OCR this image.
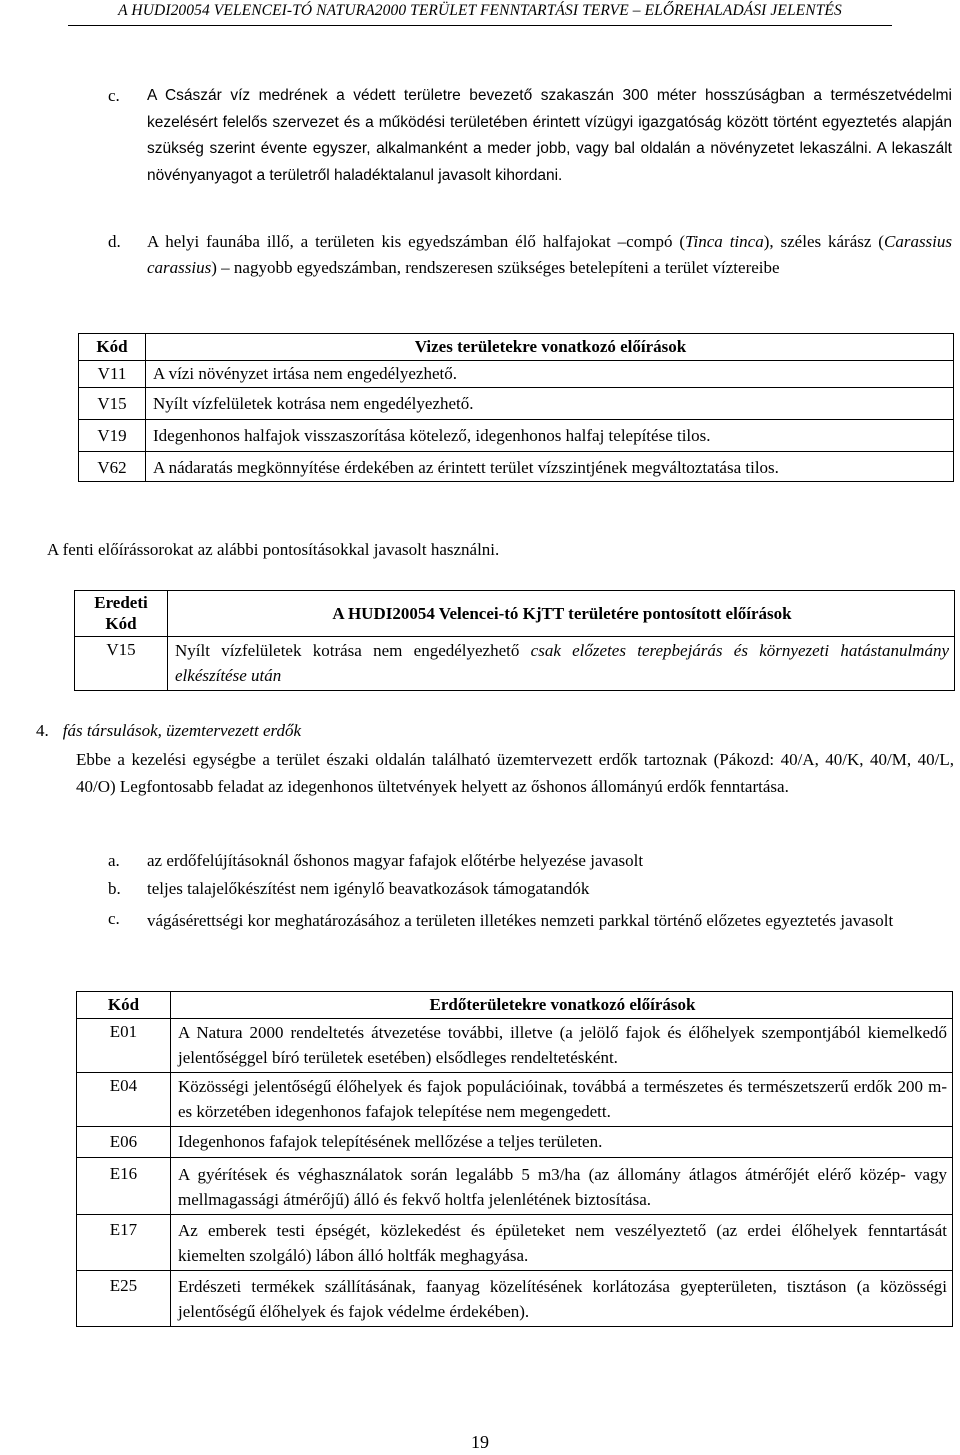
A HUDI20054 VELENCEI-TÓ NATURA2000 TERÜLET FENNTARTÁSI TERVE – ELŐREHALADÁSI JELENTÉS
c. A Császár víz medrének a védett területre bevezető szakaszán 300 méter hosszúságban a természetvédelmi kezelésért felelős szervezet és a működési területében érintett vízügyi igazgatóság között történt egyeztetés alapján szükség szerint évente egyszer, alkalmanként a meder jobb, vagy bal oldalán a növényzetet lekaszálni. A lekaszált növényanyagot a területről haladéktalanul javasolt kihordani.
d. A helyi faunába illő, a területen kis egyedszámban élő halfajokat –compó (Tinca tinca), széles kárász (Carassius carassius) – nagyobb egyedszámban, rendszeresen szükséges betelepíteni a terület víztereibe
Kód	Vizes területekre vonatkozó előírások
V11	A vízi növényzet irtása nem engedélyezhető.
V15	Nyílt vízfelületek kotrása nem engedélyezhető.
V19	Idegenhonos halfajok visszaszorítása kötelező, idegenhonos halfaj telepítése tilos.
V62	A nádaratás megkönnyítése érdekében az érintett terület vízszintjének megváltoztatása tilos.
A fenti előírássorokat az alábbi pontosításokkal javasolt használni.
Eredeti Kód	A HUDI20054 Velencei-tó KjTT területére pontosított előírások
V15	Nyílt vízfelületek kotrása nem engedélyezhető csak előzetes terepbejárás és környezeti hatástanulmány elkészítése után
4. fás társulások, üzemtervezett erdők
Ebbe a kezelési egységbe a terület északi oldalán található üzemtervezett erdők tartoznak (Pákozd: 40/A, 40/K, 40/M, 40/L, 40/O) Legfontosabb feladat az idegenhonos ültetvények helyett az őshonos állományú erdők fenntartása.
a. az erdőfelújításoknál őshonos magyar fafajok előtérbe helyezése javasolt
b. teljes talajelőkészítést nem igénylő beavatkozások támogatandók
c. vágásérettségi kor meghatározásához a területen illetékes nemzeti parkkal történő előzetes egyeztetés javasolt
Kód	Erdőterületekre vonatkozó előírások
E01	A Natura 2000 rendeltetés átvezetése további, illetve (a jelölő fajok és élőhelyek szempontjából kiemelkedő jelentőséggel bíró területek esetében) elsődleges rendeltetésként.
E04	Közösségi jelentőségű élőhelyek és fajok populációinak, továbbá a természetes és természetszerű erdők 200 m-es körzetében idegenhonos fafajok telepítése nem megengedett.
E06	Idegenhonos fafajok telepítésének mellőzése a teljes területen.
E16	A gyérítések és véghasználatok során legalább 5 m3/ha (az állomány átlagos átmérőjét elérő közép- vagy mellmagassági átmérőjű) álló és fekvő holtfa jelenlétének biztosítása.
E17	Az emberek testi épségét, közlekedést és épületeket nem veszélyeztető (az erdei élőhelyek fenntartását kiemelten szolgáló) lábon álló holtfák meghagyása.
E25	Erdészeti termékek szállításának, faanyag közelítésének korlátozása gyepterületen, tisztáson (a közösségi jelentőségű élőhelyek és fajok védelme érdekében).
19
